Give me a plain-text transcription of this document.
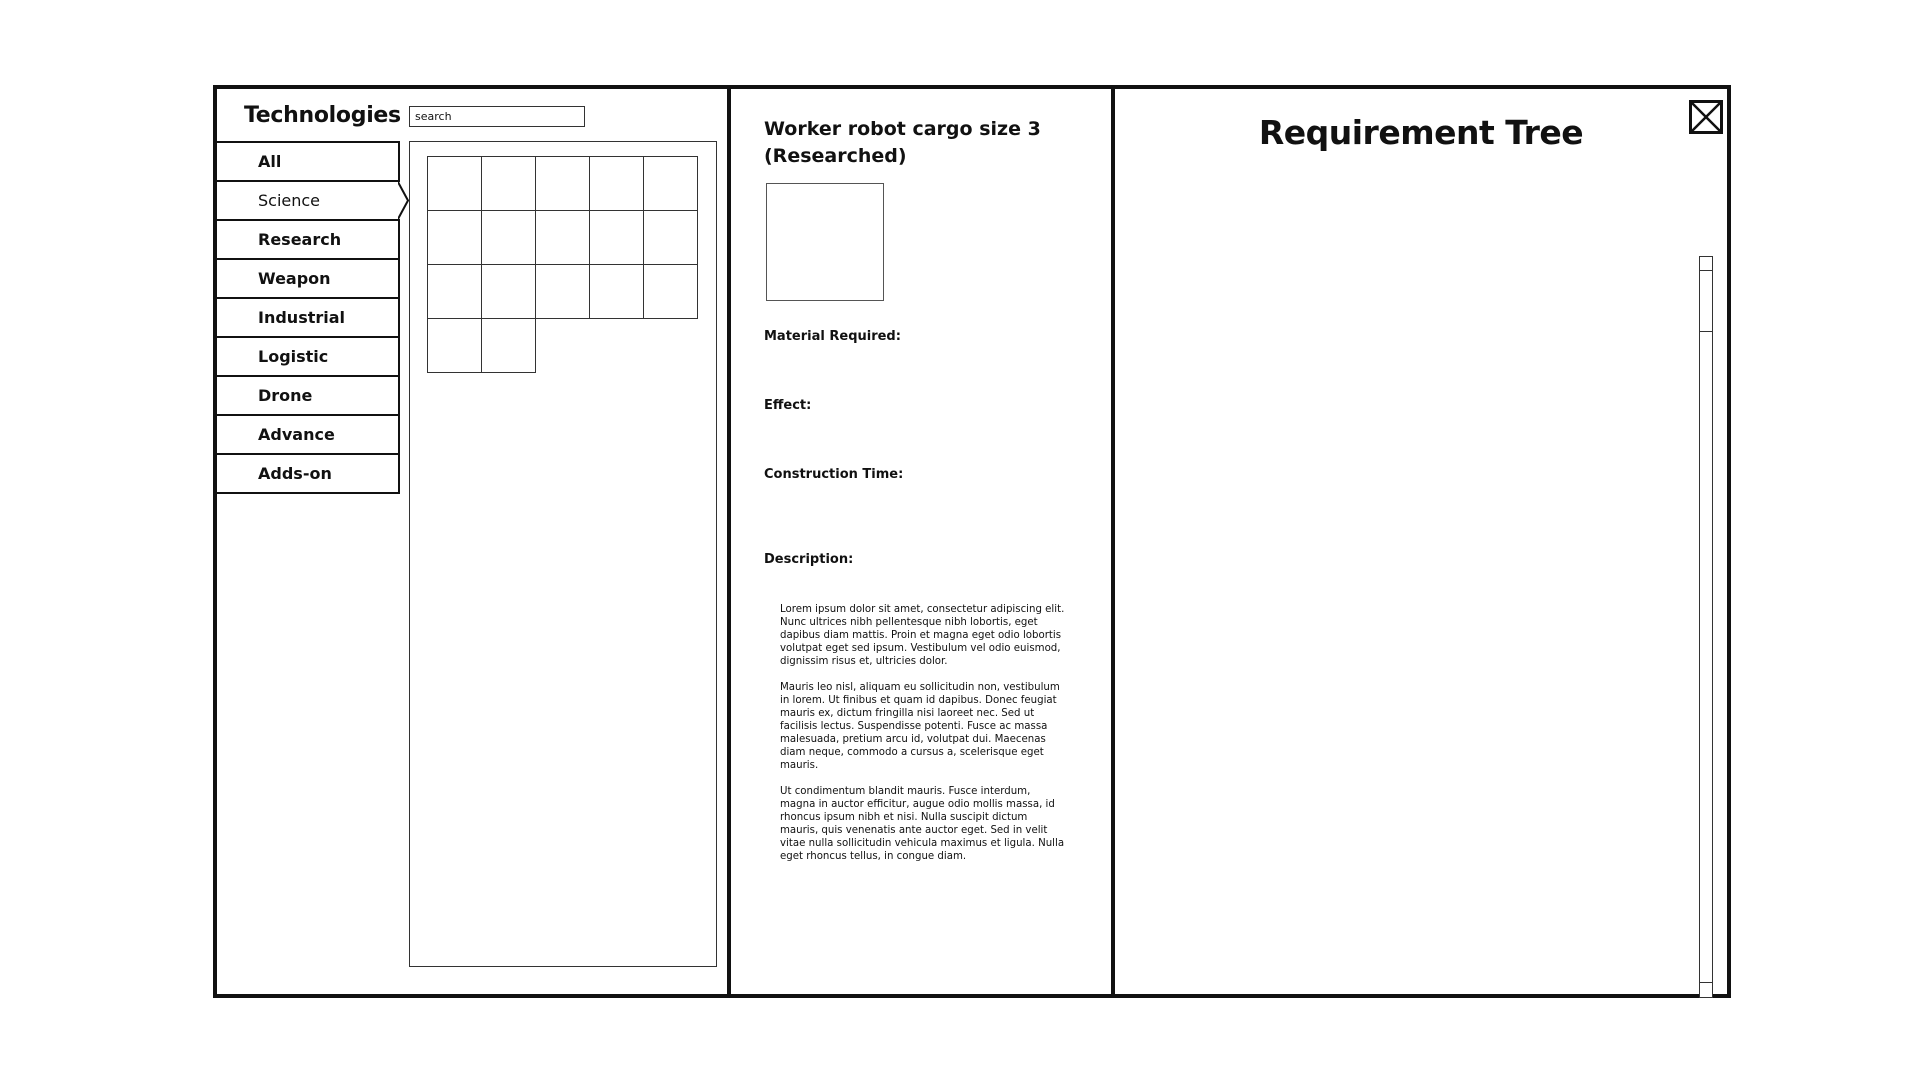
Technologies
search
All
Science
Research
Weapon
Industrial
Logistic
Drone
Advance
Adds-on
Worker robot cargo size 3 (Researched)
Material Required:
Effect:
Construction Time:
Description:

Lorem ipsum dolor sit amet, consectetur adipiscing elit. Nunc ultrices nibh pellentesque nibh lobortis, eget dapibus diam mattis. Proin et magna eget odio lobortis volutpat eget sed ipsum. Vestibulum vel odio euismod, dignissim risus et, ultricies dolor.

Mauris leo nisl, aliquam eu sollicitudin non, vestibulum in lorem. Ut finibus et quam id dapibus. Donec feugiat mauris ex, dictum fringilla nisi laoreet nec. Sed ut facilisis lectus. Suspendisse potenti. Fusce ac massa malesuada, pretium arcu id, volutpat dui. Maecenas diam neque, commodo a cursus a, scelerisque eget mauris.

Ut condimentum blandit mauris. Fusce interdum, magna in auctor efficitur, augue odio mollis massa, id rhoncus ipsum nibh et nisi. Nulla suscipit dictum mauris, quis venenatis ante auctor eget. Sed in velit vitae nulla sollicitudin vehicula maximus et ligula. Nulla eget rhoncus tellus, in congue diam.

Requirement Tree
